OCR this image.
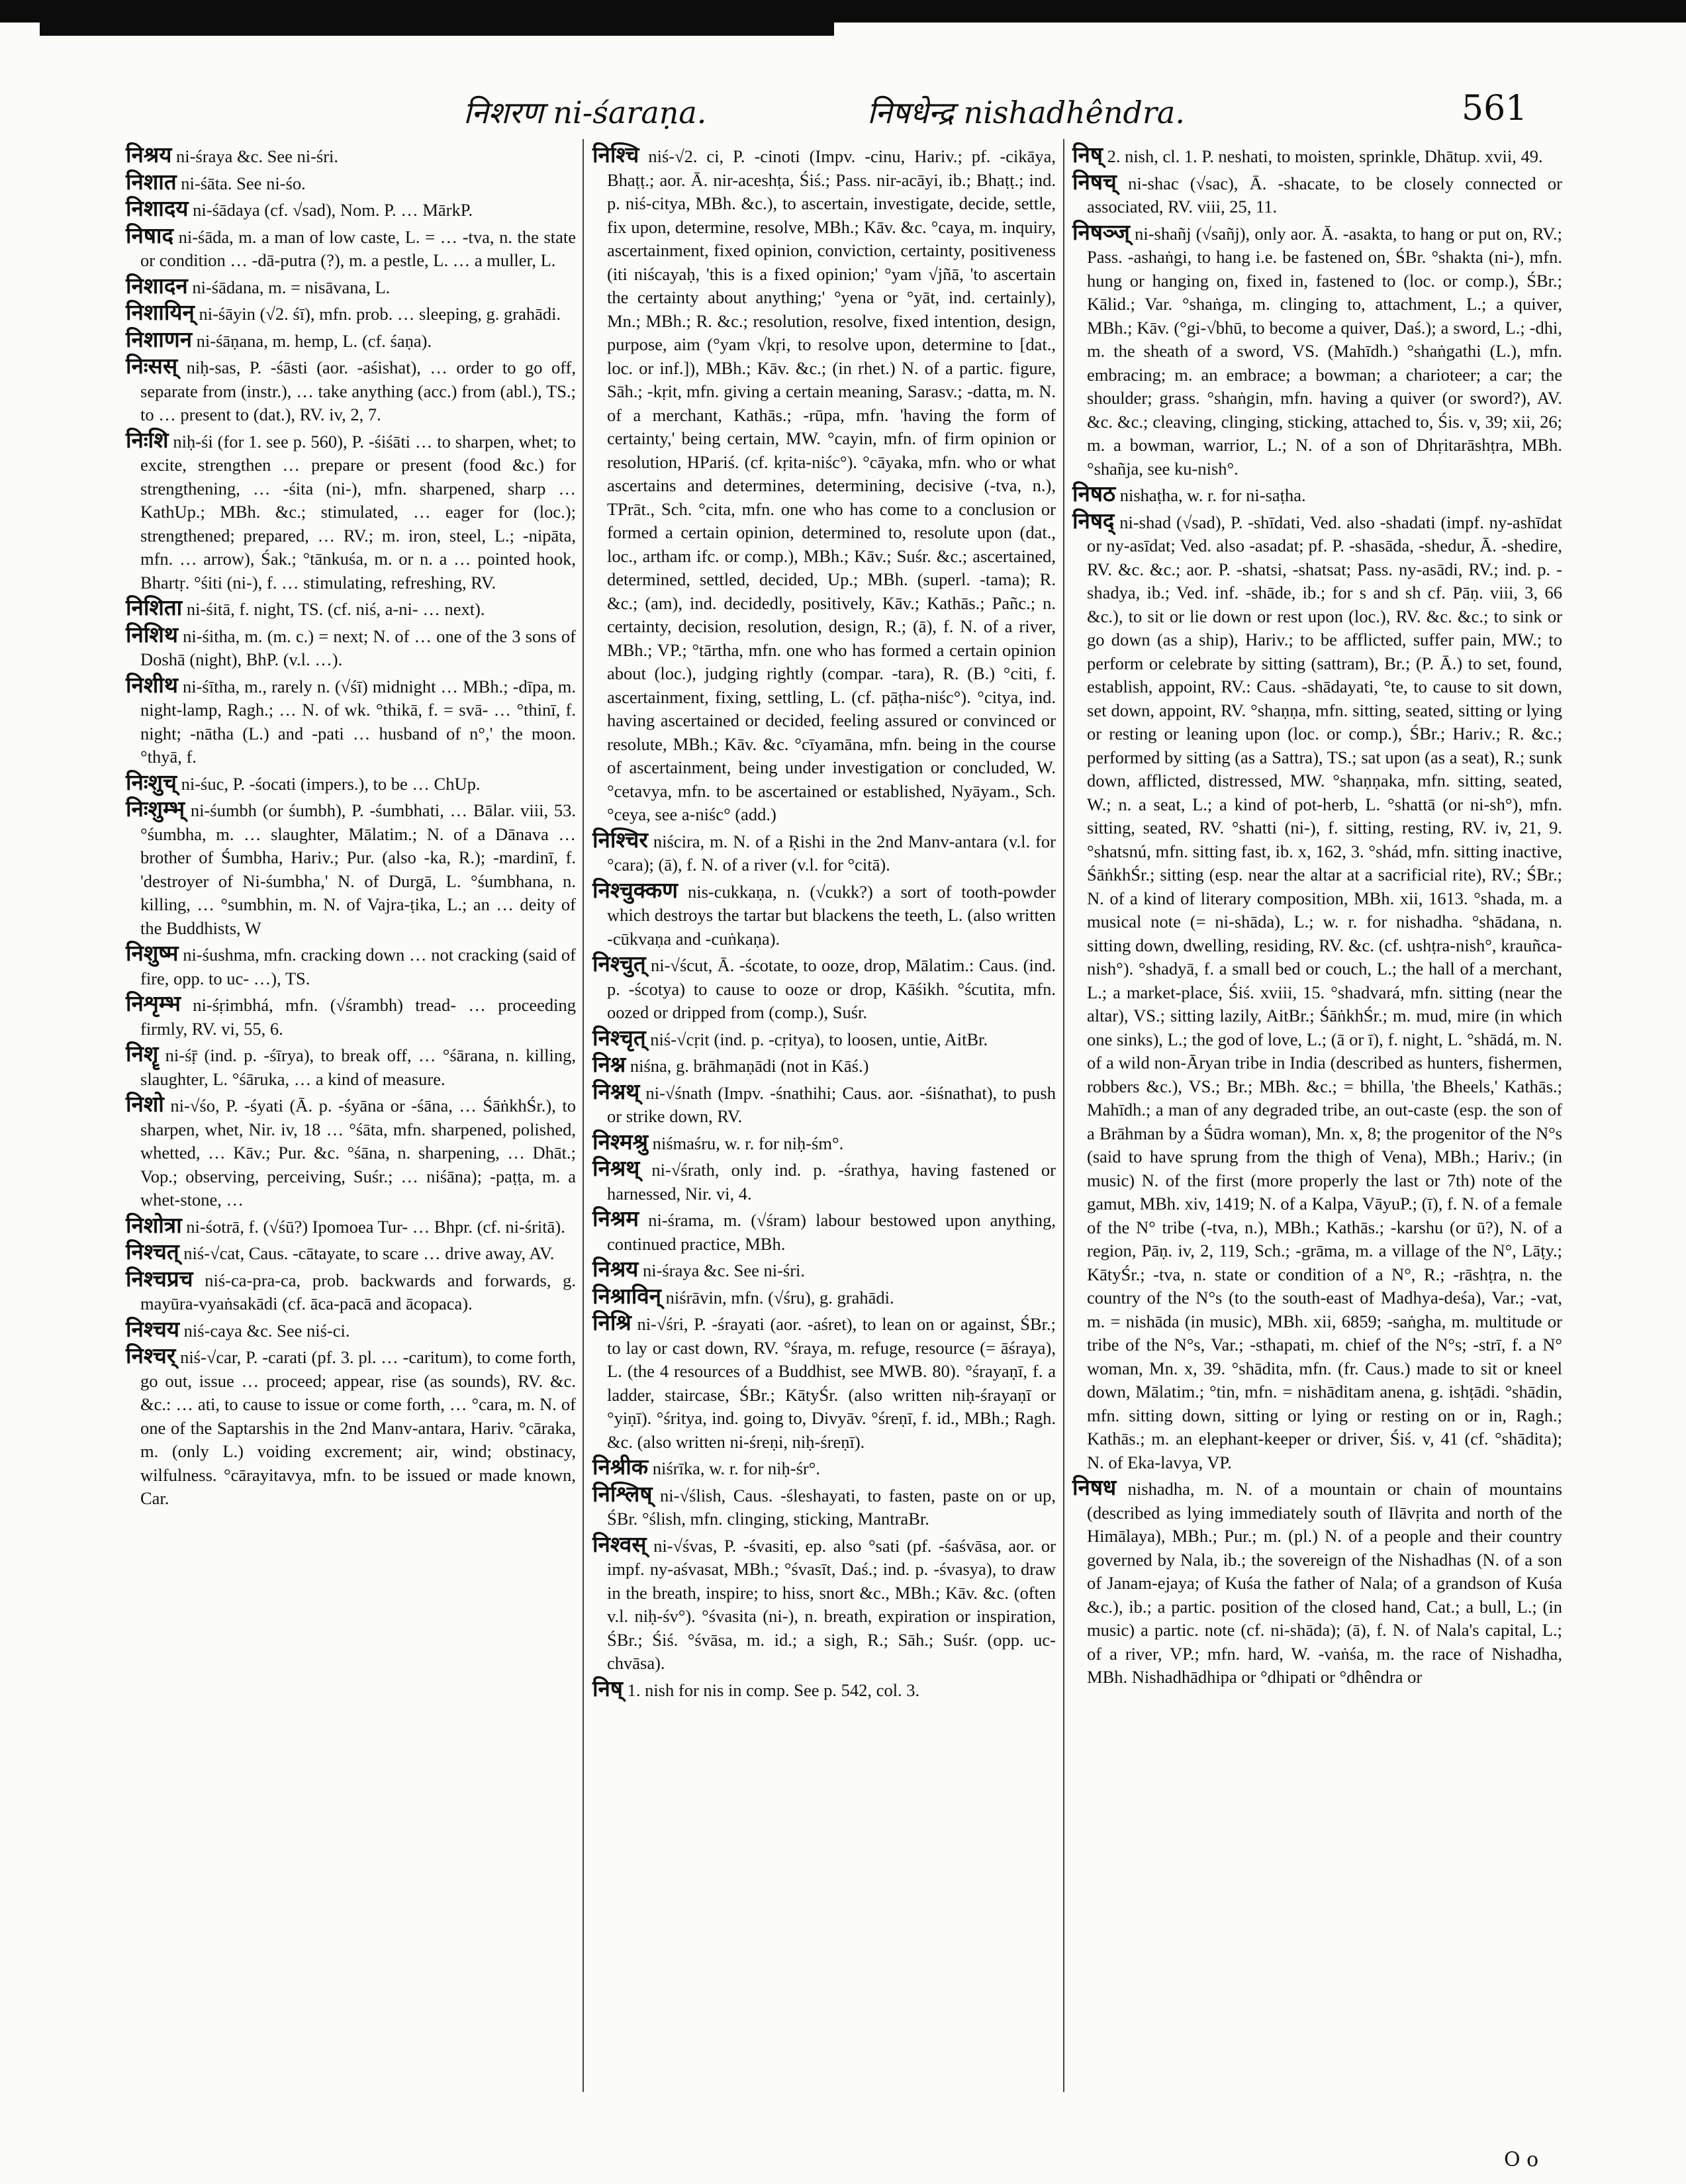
निशरण ni-śaraṇa.	निषधेन्द्र nishadhêndra.	561
निश्रय ni-śraya &c. See ni-śri.
निशात ni-śāta. See ni-śo.
निशादय ni-śādaya (cf. √sad), Nom. P. … MārkP.
निषाद ni-śāda, m. a man of low caste, L. = … -tva, n. the state or condition … -dā-putra (?), m. a pestle, L. … a muller, L.
निशादन ni-śādana, m. = nisāvana, L.
निशायिन् ni-śāyin (√2. śī), mfn. prob. … sleeping, g. grahādi.
निशाणन ni-śāṇana, m. hemp, L. (cf. śaṇa).
निःसस् niḥ-sas, P. -śāsti (aor. -aśishat), … order to go off, separate from (instr.), … take anything (acc.) from (abl.), TS.; to … present to (dat.), RV. iv, 2, 7.
निःशि niḥ-śi (for 1. see p. 560), P. -śiśāti … to sharpen, whet; to excite, strengthen … prepare or present (food &c.) for strengthening, … -śita (ni-), mfn. sharpened, sharp … KathUp.; MBh. &c.; stimulated, … eager for (loc.); strengthened; prepared, … RV.; m. iron, steel, L.; -nipāta, mfn. … arrow), Śak.; °tānkuśa, m. or n. a … pointed hook, Bhartṛ. °śiti (ni-), f. … stimulating, refreshing, RV.
निशिता ni-śitā, f. night, TS. (cf. niś, a-ni- … next).
निशिथ ni-śitha, m. (m. c.) = next; N. of … one of the 3 sons of Doshā (night), BhP. (v.l. …).
निशीथ ni-śītha, m., rarely n. (√śī) midnight … MBh.; -dīpa, m. night-lamp, Ragh.; … N. of wk. °thikā, f. = svā- … °thinī, f. night; -nātha (L.) and -pati … husband of n°,' the moon. °thyā, f.
निःशुच् ni-śuc, P. -śocati (impers.), to be … ChUp.
निःशुम्भ् ni-śumbh (or śumbh), P. -śumbhati, … Bālar. viii, 53. °śumbha, m. … slaughter, Mālatim.; N. of a Dānava … brother of Śumbha, Hariv.; Pur. (also -ka, R.); -mardinī, f. 'destroyer of Ni-śumbha,' N. of Durgā, L. °śumbhana, n. killing, … °sumbhin, m. N. of Vajra-ṭika, L.; an … deity of the Buddhists, W
निशुष्म ni-śushma, mfn. cracking down … not cracking (said of fire, opp. to uc- …), TS.
निशृम्भ ni-śṛimbhá, mfn. (√śrambh) tread- … proceeding firmly, RV. vi, 55, 6.
निशॄ ni-śṝ (ind. p. -śīrya), to break off, … °śārana, n. killing, slaughter, L. °śāruka, … a kind of measure.
निशो ni-√śo, P. -śyati (Ā. p. -śyāna or -śāna, … ŚāṅkhŚr.), to sharpen, whet, Nir. iv, 18 … °śāta, mfn. sharpened, polished, whetted, … Kāv.; Pur. &c. °śāna, n. sharpening, … Dhāt.; Vop.; observing, perceiving, Suśr.; … niśāna); -paṭṭa, m. a whet-stone, …
निशोत्रा ni-śotrā, f. (√śū?) Ipomoea Tur- … Bhpr. (cf. ni-śritā).
निश्चत् niś-√cat, Caus. -cātayate, to scare … drive away, AV.
निश्चप्रच niś-ca-pra-ca, prob. backwards and forwards, g. mayūra-vyaṅsakādi (cf. āca-pacā and ācopaca).
निश्चय niś-caya &c. See niś-ci.
निश्चर् niś-√car, P. -carati (pf. 3. pl. … -caritum), to come forth, go out, issue … proceed; appear, rise (as sounds), RV. &c. &c.: … ati, to cause to issue or come forth, … °cara, m. N. of one of the Saptarshis in the 2nd Manv-antara, Hariv. °cāraka, m. (only L.) voiding excrement; air, wind; obstinacy, wilfulness. °cārayitavya, mfn. to be issued or made known, Car.
निश्चि niś-√2. ci, P. -cinoti (Impv. -cinu, Hariv.; pf. -cikāya, Bhaṭṭ.; aor. Ā. nir-aceshṭa, Śiś.; Pass. nir-acāyi, ib.; Bhaṭṭ.; ind. p. niś-citya, MBh. &c.), to ascertain, investigate, decide, settle, fix upon, determine, resolve, MBh.; Kāv. &c. °caya, m. inquiry, ascertainment, fixed opinion, conviction, certainty, positiveness (iti niścayaḥ, 'this is a fixed opinion;' °yam √jñā, 'to ascertain the certainty about anything;' °yena or °yāt, ind. certainly), Mn.; MBh.; R. &c.; resolution, resolve, fixed intention, design, purpose, aim (°yam √kṛi, to resolve upon, determine to [dat., loc. or inf.]), MBh.; Kāv. &c.; (in rhet.) N. of a partic. figure, Sāh.; -kṛit, mfn. giving a certain meaning, Sarasv.; -datta, m. N. of a merchant, Kathās.; -rūpa, mfn. 'having the form of certainty,' being certain, MW. °cayin, mfn. of firm opinion or resolution, HPariś. (cf. kṛita-niśc°). °cāyaka, mfn. who or what ascertains and determines, determining, decisive (-tva, n.), TPrāt., Sch. °cita, mfn. one who has come to a conclusion or formed a certain opinion, determined to, resolute upon (dat., loc., artham ifc. or comp.), MBh.; Kāv.; Suśr. &c.; ascertained, determined, settled, decided, Up.; MBh. (superl. -tama); R. &c.; (am), ind. decidedly, positively, Kāv.; Kathās.; Pañc.; n. certainty, decision, resolution, design, R.; (ā), f. N. of a river, MBh.; VP.; °tārtha, mfn. one who has formed a certain opinion about (loc.), judging rightly (compar. -tara), R. (B.) °citi, f. ascertainment, fixing, settling, L. (cf. pāṭha-niśc°). °citya, ind. having ascertained or decided, feeling assured or convinced or resolute, MBh.; Kāv. &c. °cīyamāna, mfn. being in the course of ascertainment, being under investigation or concluded, W. °cetavya, mfn. to be ascertained or established, Nyāyam., Sch. °ceya, see a-niśc° (add.)
निश्चिर niścira, m. N. of a Ṛishi in the 2nd Manv-antara (v.l. for °cara); (ā), f. N. of a river (v.l. for °citā).
निश्चुक्कण nis-cukkaṇa, n. (√cukk?) a sort of tooth-powder which destroys the tartar but blackens the teeth, L. (also written -cūkvaṇa and -cuṅkaṇa).
निश्चुत् ni-√ścut, Ā. -ścotate, to ooze, drop, Mālatim.: Caus. (ind. p. -ścotya) to cause to ooze or drop, Kāśikh. °ścutita, mfn. oozed or dripped from (comp.), Suśr.
निश्चृत् niś-√cṛit (ind. p. -cṛitya), to loosen, untie, AitBr.
निश्न niśna, g. brāhmaṇādi (not in Kāś.)
निश्नथ् ni-√śnath (Impv. -śnathihi; Caus. aor. -śiśnathat), to push or strike down, RV.
निश्मश्रु niśmaśru, w. r. for niḥ-śm°.
निश्रथ् ni-√śrath, only ind. p. -śrathya, having fastened or harnessed, Nir. vi, 4.
निश्रम ni-śrama, m. (√śram) labour bestowed upon anything, continued practice, MBh.
निश्रय ni-śraya &c. See ni-śri.
निश्राविन् niśrāvin, mfn. (√śru), g. grahādi.
निश्रि ni-√śri, P. -śrayati (aor. -aśret), to lean on or against, ŚBr.; to lay or cast down, RV. °śraya, m. refuge, resource (= āśraya), L. (the 4 resources of a Buddhist, see MWB. 80). °śrayaṇī, f. a ladder, staircase, ŚBr.; KātyŚr. (also written niḥ-śrayaṇī or °yiṇī). °śritya, ind. going to, Divyāv. °śreṇī, f. id., MBh.; Ragh. &c. (also written ni-śreṇi, niḥ-śreṇī).
निश्रीक niśrīka, w. r. for niḥ-śr°.
निश्लिष् ni-√ślish, Caus. -śleshayati, to fasten, paste on or up, ŚBr. °ślish, mfn. clinging, sticking, MantraBr.
निश्वस् ni-√śvas, P. -śvasiti, ep. also °sati (pf. -śaśvāsa, aor. or impf. ny-aśvasat, MBh.; °śvasīt, Daś.; ind. p. -śvasya), to draw in the breath, inspire; to hiss, snort &c., MBh.; Kāv. &c. (often v.l. niḥ-śv°). °śvasita (ni-), n. breath, expiration or inspiration, ŚBr.; Śiś. °śvāsa, m. id.; a sigh, R.; Sāh.; Suśr. (opp. uc-chvāsa).
निष् 1. nish for nis in comp. See p. 542, col. 3.
निष् 2. nish, cl. 1. P. neshati, to moisten, sprinkle, Dhātup. xvii, 49.
निषच् ni-shac (√sac), Ā. -shacate, to be closely connected or associated, RV. viii, 25, 11.
निषञ्ज् ni-shañj (√sañj), only aor. Ā. -asakta, to hang or put on, RV.; Pass. -ashaṅgi, to hang i.e. be fastened on, ŚBr. °shakta (ni-), mfn. hung or hanging on, fixed in, fastened to (loc. or comp.), ŚBr.; Kālid.; Var. °shaṅga, m. clinging to, attachment, L.; a quiver, MBh.; Kāv. (°gi-√bhū, to become a quiver, Daś.); a sword, L.; -dhi, m. the sheath of a sword, VS. (Mahīdh.) °shaṅgathi (L.), mfn. embracing; m. an embrace; a bowman; a charioteer; a car; the shoulder; grass. °shaṅgin, mfn. having a quiver (or sword?), AV. &c. &c.; cleaving, clinging, sticking, attached to, Śis. v, 39; xii, 26; m. a bowman, warrior, L.; N. of a son of Dhṛitarāshṭra, MBh. °shañja, see ku-nish°.
निषठ nishaṭha, w. r. for ni-saṭha.
निषद् ni-shad (√sad), P. -shīdati, Ved. also -shadati (impf. ny-ashīdat or ny-asīdat; Ved. also -asadat; pf. P. -shasāda, -shedur, Ā. -shedire, RV. &c. &c.; aor. P. -shatsi, -shatsat; Pass. ny-asādi, RV.; ind. p. -shadya, ib.; Ved. inf. -shāde, ib.; for s and sh cf. Pāṇ. viii, 3, 66 &c.), to sit or lie down or rest upon (loc.), RV. &c. &c.; to sink or go down (as a ship), Hariv.; to be afflicted, suffer pain, MW.; to perform or celebrate by sitting (sattram), Br.; (P. Ā.) to set, found, establish, appoint, RV.: Caus. -shādayati, °te, to cause to sit down, set down, appoint, RV. °shaṇṇa, mfn. sitting, seated, sitting or lying or resting or leaning upon (loc. or comp.), ŚBr.; Hariv.; R. &c.; performed by sitting (as a Sattra), TS.; sat upon (as a seat), R.; sunk down, afflicted, distressed, MW. °shaṇṇaka, mfn. sitting, seated, W.; n. a seat, L.; a kind of pot-herb, L. °shattā (or ni-sh°), mfn. sitting, seated, RV. °shatti (ni-), f. sitting, resting, RV. iv, 21, 9. °shatsnú, mfn. sitting fast, ib. x, 162, 3. °shád, mfn. sitting inactive, ŚāṅkhŚr.; sitting (esp. near the altar at a sacrificial rite), RV.; ŚBr.; N. of a kind of literary composition, MBh. xii, 1613. °shada, m. a musical note (= ni-shāda), L.; w. r. for nishadha. °shādana, n. sitting down, dwelling, residing, RV. &c. (cf. ushṭra-nish°, krauñca-nish°). °shadyā, f. a small bed or couch, L.; the hall of a merchant, L.; a market-place, Śiś. xviii, 15. °shadvará, mfn. sitting (near the altar), VS.; sitting lazily, AitBr.; ŚāṅkhŚr.; m. mud, mire (in which one sinks), L.; the god of love, L.; (ā or ī), f. night, L. °shādá, m. N. of a wild non-Āryan tribe in India (described as hunters, fishermen, robbers &c.), VS.; Br.; MBh. &c.; = bhilla, 'the Bheels,' Kathās.; Mahīdh.; a man of any degraded tribe, an out-caste (esp. the son of a Brāhman by a Śūdra woman), Mn. x, 8; the progenitor of the N°s (said to have sprung from the thigh of Vena), MBh.; Hariv.; (in music) N. of the first (more properly the last or 7th) note of the gamut, MBh. xiv, 1419; N. of a Kalpa, VāyuP.; (ī), f. N. of a female of the N° tribe (-tva, n.), MBh.; Kathās.; -karshu (or ū?), N. of a region, Pāṇ. iv, 2, 119, Sch.; -grāma, m. a village of the N°, Lāṭy.; KātyŚr.; -tva, n. state or condition of a N°, R.; -rāshṭra, n. the country of the N°s (to the south-east of Madhya-deśa), Var.; -vat, m. = nishāda (in music), MBh. xii, 6859; -saṅgha, m. multitude or tribe of the N°s, Var.; -sthapati, m. chief of the N°s; -strī, f. a N° woman, Mn. x, 39. °shādita, mfn. (fr. Caus.) made to sit or kneel down, Mālatim.; °tin, mfn. = nishāditam anena, g. ishṭādi. °shādin, mfn. sitting down, sitting or lying or resting on or in, Ragh.; Kathās.; m. an elephant-keeper or driver, Śiś. v, 41 (cf. °shādita); N. of Eka-lavya, VP.
निषध nishadha, m. N. of a mountain or chain of mountains (described as lying immediately south of Ilāvṛita and north of the Himālaya), MBh.; Pur.; m. (pl.) N. of a people and their country governed by Nala, ib.; the sovereign of the Nishadhas (N. of a son of Janam-ejaya; of Kuśa the father of Nala; of a grandson of Kuśa &c.), ib.; a partic. position of the closed hand, Cat.; a bull, L.; (in music) a partic. note (cf. ni-shāda); (ā), f. N. of Nala's capital, L.; of a river, VP.; mfn. hard, W. -vaṅśa, m. the race of Nishadha, MBh. Nishadhādhipa or °dhipati or °dhêndra or
O o
